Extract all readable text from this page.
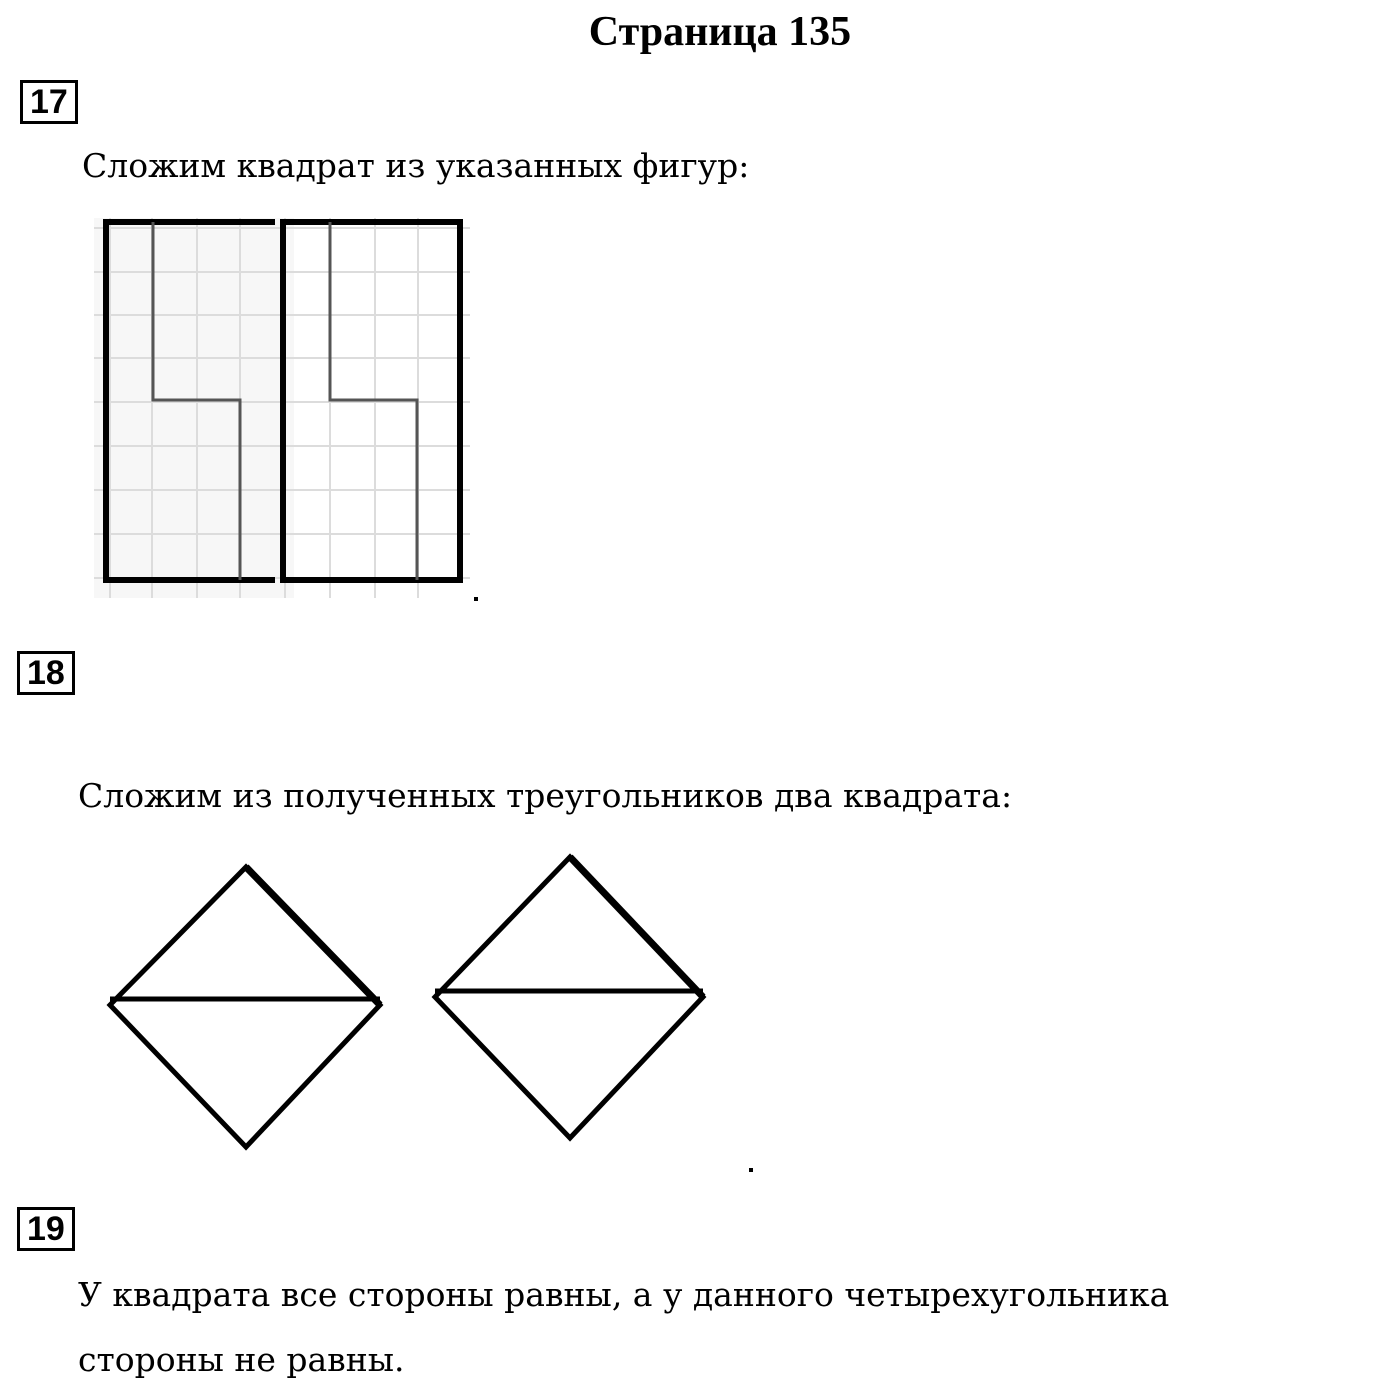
Страница 135
17
Сложим квадрат из указанных фигур:
18
Сложим из полученных треугольников два квадрата:
19
У квадрата все стороны равны, а у данного четырехугольника
стороны не равны.
